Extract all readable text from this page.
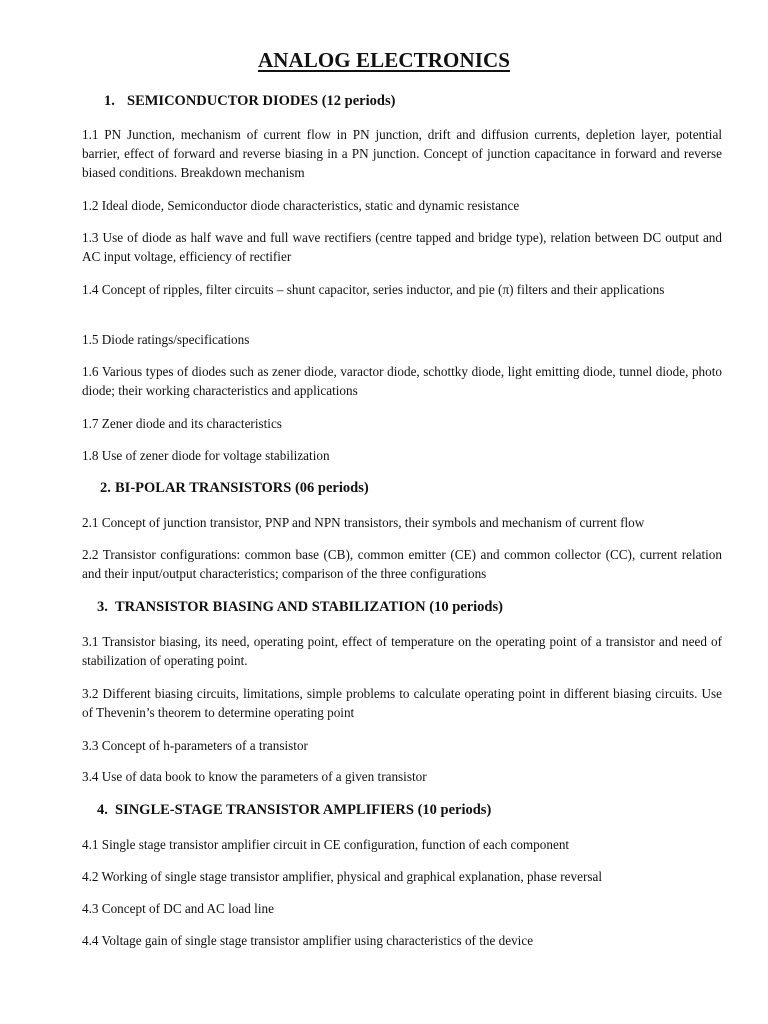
ANALOG ELECTRONICS
1. SEMICONDUCTOR DIODES (12 periods)
1.1 PN Junction, mechanism of current flow in PN junction, drift and diffusion currents, depletion layer, potential barrier, effect of forward and reverse biasing in a PN junction. Concept of junction capacitance in forward and reverse biased conditions. Breakdown mechanism
1.2 Ideal diode, Semiconductor diode characteristics, static and dynamic resistance
1.3 Use of diode as half wave and full wave rectifiers (centre tapped and bridge type), relation between DC output and AC input voltage, efficiency of rectifier
1.4 Concept of ripples, filter circuits – shunt capacitor, series inductor, and pie (π) filters and their applications
1.5 Diode ratings/specifications
1.6 Various types of diodes such as zener diode, varactor diode, schottky diode, light emitting diode, tunnel diode, photo diode; their working characteristics and applications
1.7 Zener diode and its characteristics
1.8 Use of zener diode for voltage stabilization
2. BI-POLAR TRANSISTORS (06 periods)
2.1 Concept of junction transistor, PNP and NPN transistors, their symbols and mechanism of current flow
2.2 Transistor configurations: common base (CB), common emitter (CE) and common collector (CC), current relation and their input/output characteristics; comparison of the three configurations
3. TRANSISTOR BIASING AND STABILIZATION (10 periods)
3.1 Transistor biasing, its need, operating point, effect of temperature on the operating point of a transistor and need of stabilization of operating point.
3.2 Different biasing circuits, limitations, simple problems to calculate operating point in different biasing circuits. Use of Thevenin’s theorem to determine operating point
3.3 Concept of h-parameters of a transistor
3.4 Use of data book to know the parameters of a given transistor
4. SINGLE-STAGE TRANSISTOR AMPLIFIERS (10 periods)
4.1 Single stage transistor amplifier circuit in CE configuration, function of each component
4.2 Working of single stage transistor amplifier, physical and graphical explanation, phase reversal
4.3 Concept of DC and AC load line
4.4 Voltage gain of single stage transistor amplifier using characteristics of the device
